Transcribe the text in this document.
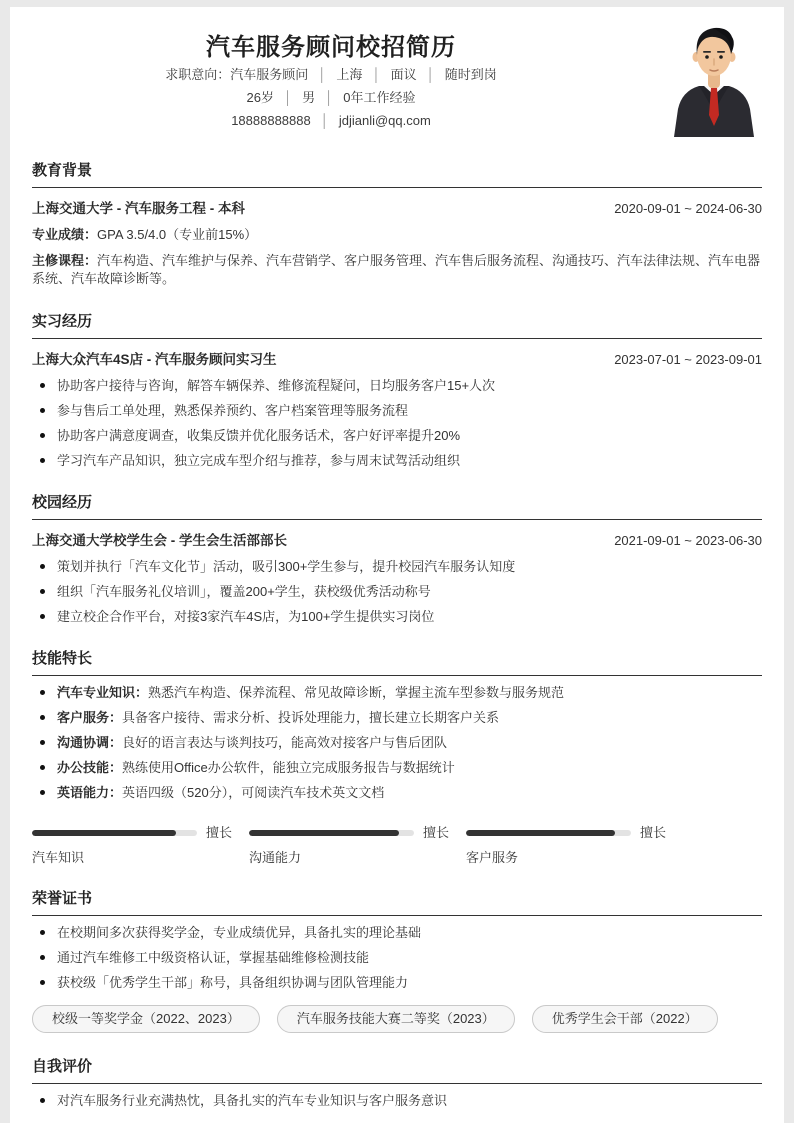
汽车服务顾问校招简历
求职意向：汽车服务顾问 │ 上海 │ 面议 │ 随时到岗
26岁 │ 男 │ 0年工作经验
18888888888 │ jdjianli@qq.com
教育背景
上海交通大学 - 汽车服务工程 - 本科	2020-09-01 ~ 2024-06-30

专业成绩：GPA 3.5/4.0（专业前15%）

主修课程：汽车构造、汽车维护与保养、汽车营销学、客户服务管理、汽车售后服务流程、沟通技巧、汽车法律法规、汽车电器系统、汽车故障诊断等。

实习经历
上海大众汽车4S店 - 汽车服务顾问实习生	2023-07-01 ~ 2023-09-01
协助客户接待与咨询，解答车辆保养、维修流程疑问，日均服务客户15+人次
参与售后工单处理，熟悉保养预约、客户档案管理等服务流程
协助客户满意度调查，收集反馈并优化服务话术，客户好评率提升20%
学习汽车产品知识，独立完成车型介绍与推荐，参与周末试驾活动组织
校园经历
上海交通大学校学生会 - 学生会生活部部长	2021-09-01 ~ 2023-06-30
策划并执行「汽车文化节」活动，吸引300+学生参与，提升校园汽车服务认知度
组织「汽车服务礼仪培训」，覆盖200+学生，获校级优秀活动称号
建立校企合作平台，对接3家汽车4S店，为100+学生提供实习岗位
技能特长
汽车专业知识：熟悉汽车构造、保养流程、常见故障诊断，掌握主流车型参数与服务规范
客户服务：具备客户接待、需求分析、投诉处理能力，擅长建立长期客户关系
沟通协调：良好的语言表达与谈判技巧，能高效对接客户与售后团队
办公技能：熟练使用Office办公软件，能独立完成服务报告与数据统计
英语能力：英语四级（520分），可阅读汽车技术英文文档
擅长
汽车知识
擅长
沟通能力
擅长
客户服务
荣誉证书
在校期间多次获得奖学金，专业成绩优异，具备扎实的理论基础
通过汽车维修工中级资格认证，掌握基础维修检测技能
获校级「优秀学生干部」称号，具备组织协调与团队管理能力
校级一等奖学金（2022、2023）	汽车服务技能大赛二等奖（2023）	优秀学生会干部（2022）
自我评价
对汽车服务行业充满热忱，具备扎实的汽车专业知识与客户服务意识
